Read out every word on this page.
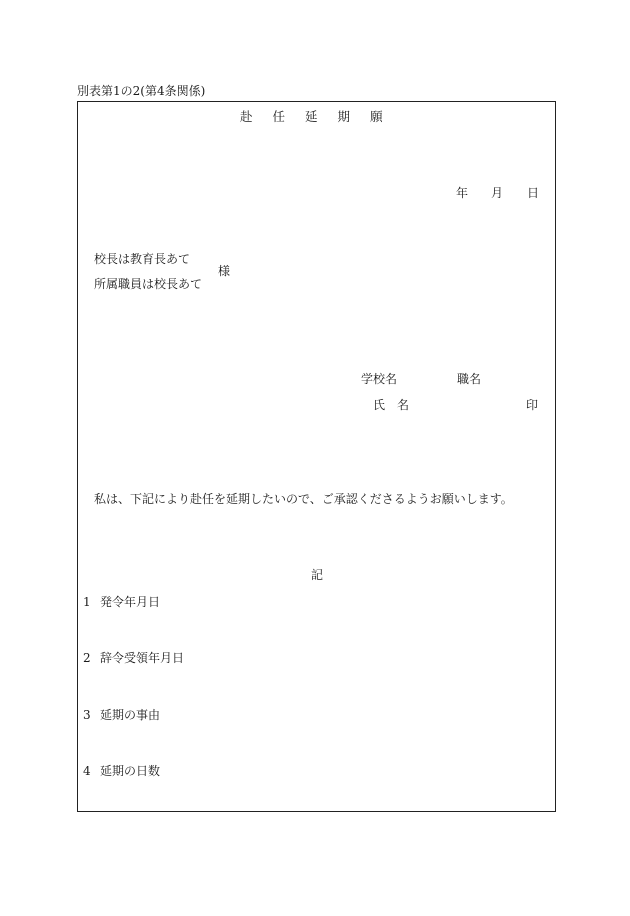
別表第1の2(第4条関係)
赴 任 延 期 願
年 月 日
校長は教育長あて
所属職員は校長あて
様
学校名	職名
氏　名	印
私は、下記により赴任を延期したいので、ご承認くださるようお願いします。
記
1 発令年月日
2 辞令受領年月日
3 延期の事由
4 延期の日数
